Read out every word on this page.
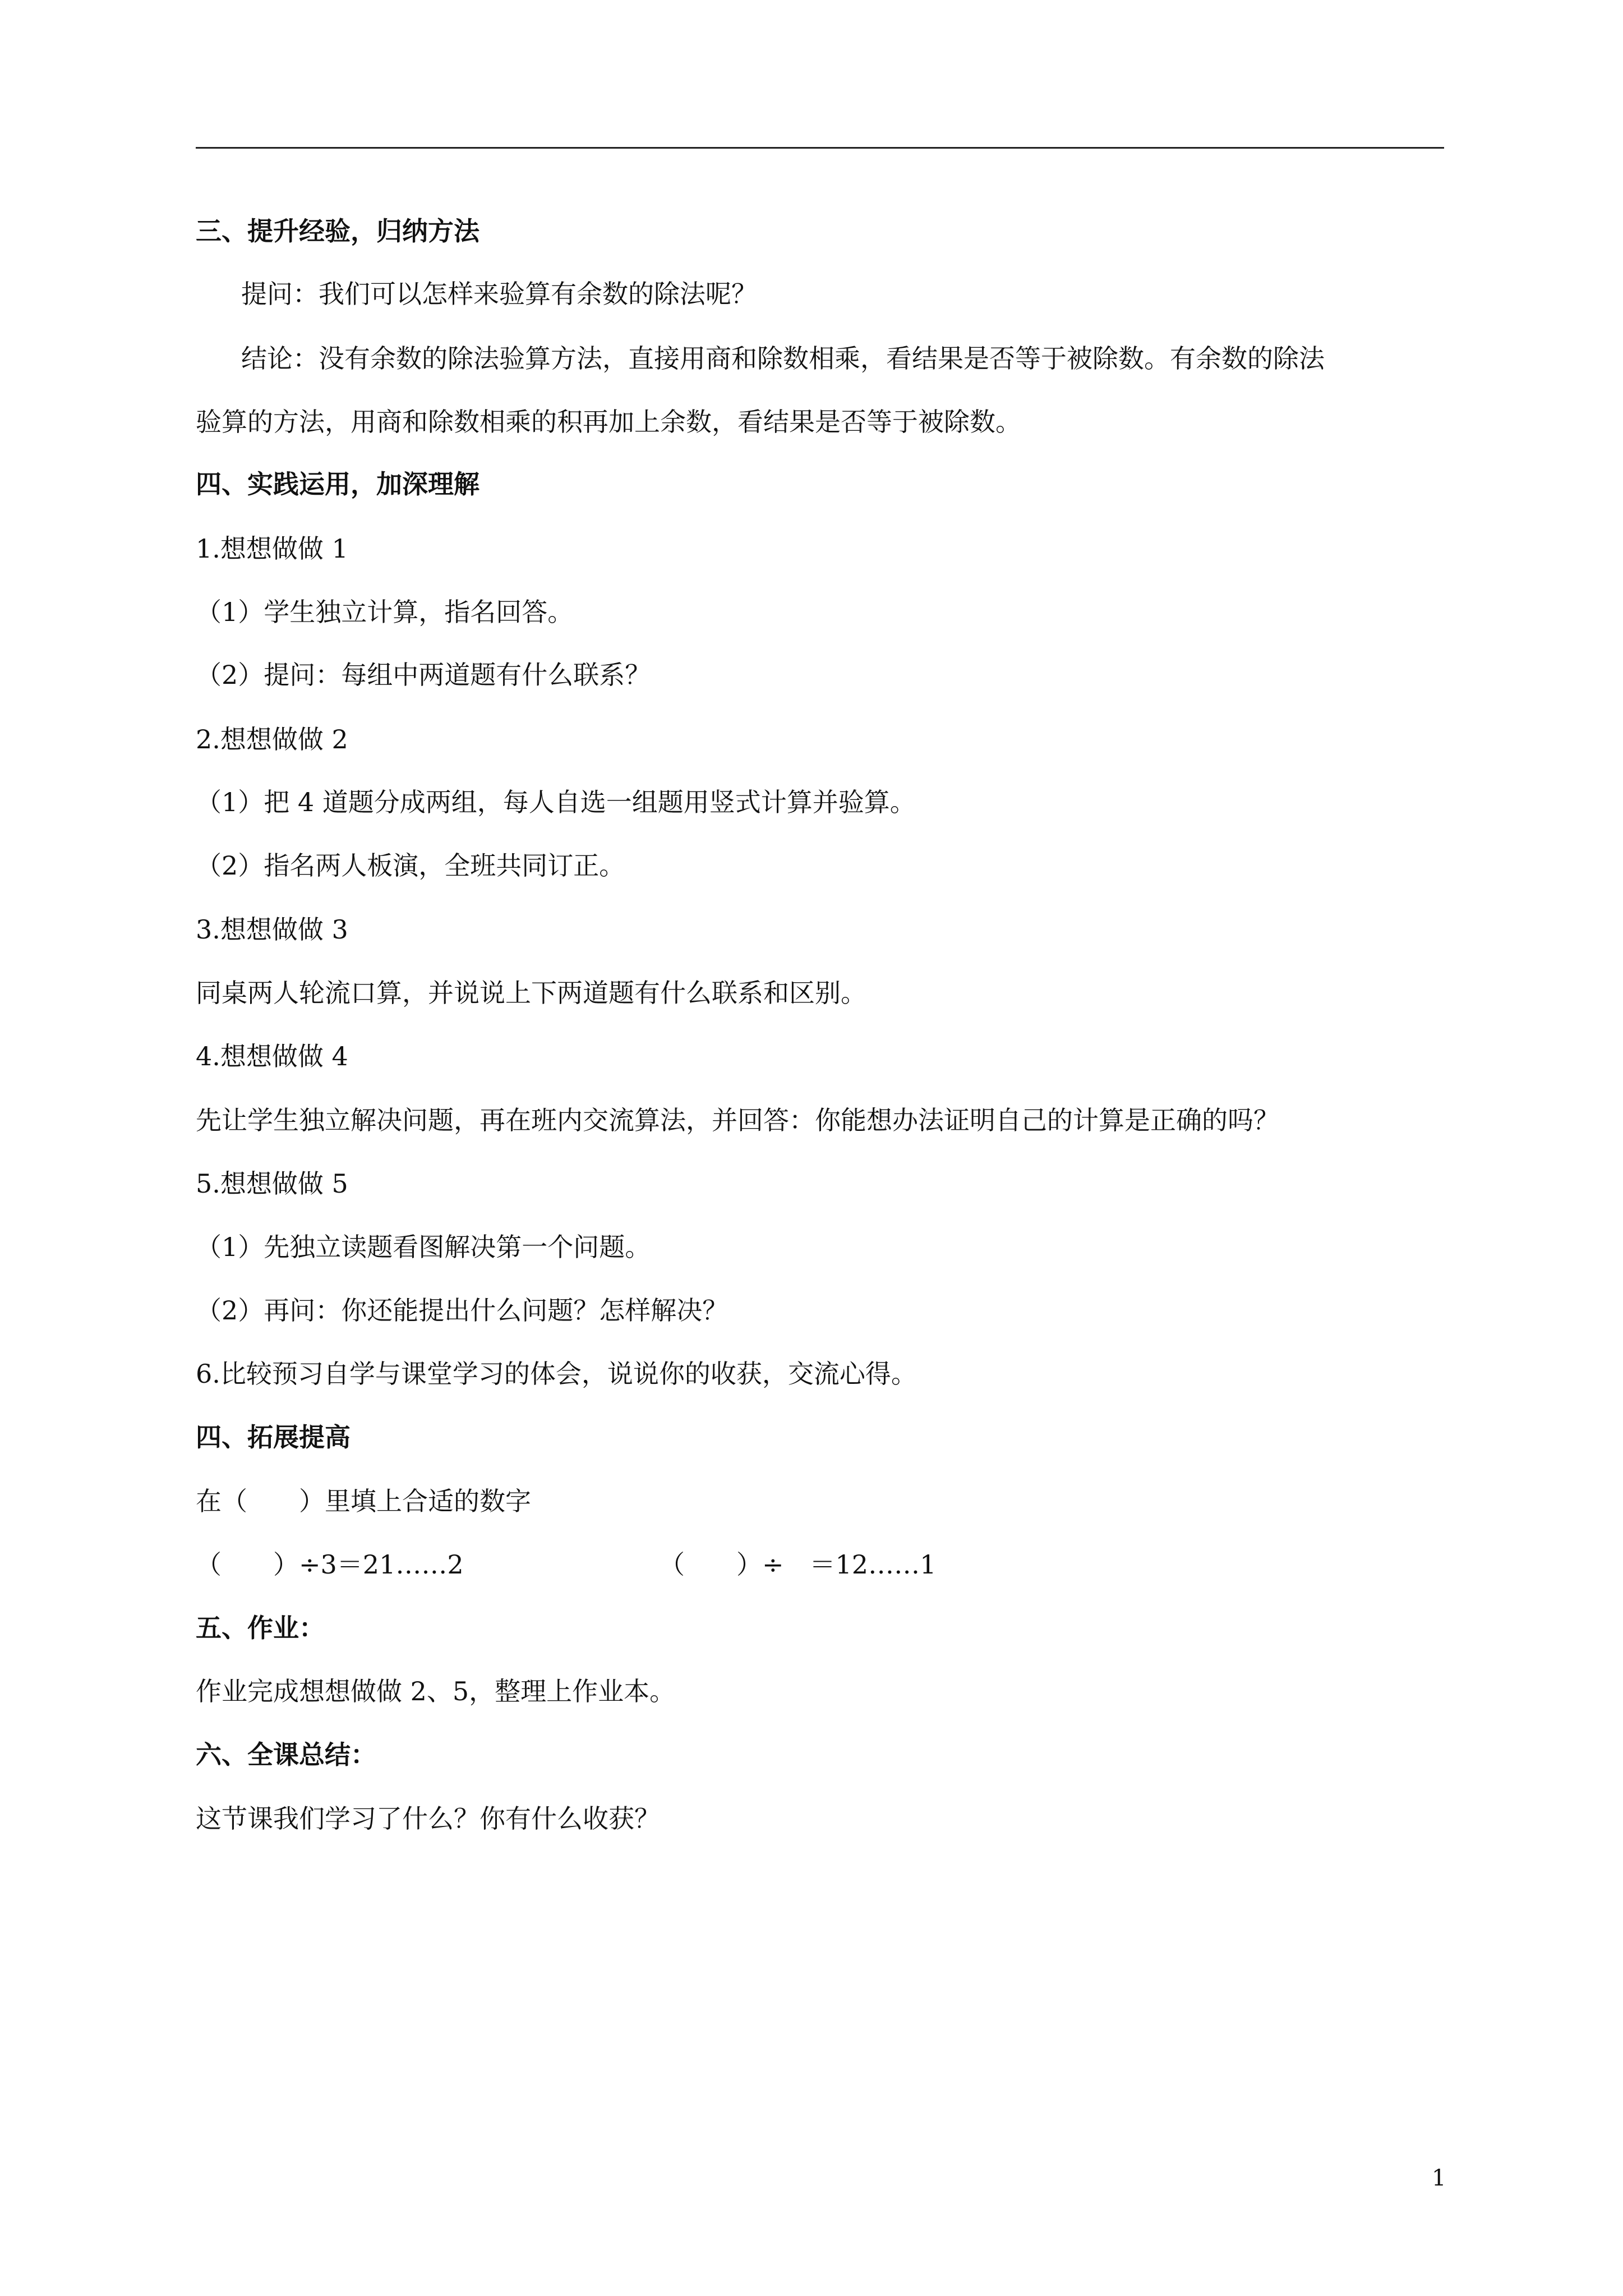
三、提升经验，归纳方法
提问：我们可以怎样来验算有余数的除法呢？
结论：没有余数的除法验算方法，直接用商和除数相乘，看结果是否等于被除数。有余数的除法
验算的方法，用商和除数相乘的积再加上余数，看结果是否等于被除数。
四、实践运用，加深理解
1.想想做做 1
（1）学生独立计算，指名回答。
（2）提问：每组中两道题有什么联系？
2.想想做做 2
（1）把 4 道题分成两组，每人自选一组题用竖式计算并验算。
（2）指名两人板演，全班共同订正。
3.想想做做 3
同桌两人轮流口算，并说说上下两道题有什么联系和区别。
4.想想做做 4
先让学生独立解决问题，再在班内交流算法，并回答：你能想办法证明自己的计算是正确的吗？
5.想想做做 5
（1）先独立读题看图解决第一个问题。
（2）再问：你还能提出什么问题？怎样解决？
6.比较预习自学与课堂学习的体会，说说你的收获，交流心得。
四、拓展提高
在（　　）里填上合适的数字
（　　）÷3＝21……2	（　　）÷　＝12……1
五、作业：
作业完成想想做做 2、5，整理上作业本。
六、全课总结：
这节课我们学习了什么？你有什么收获？
1
